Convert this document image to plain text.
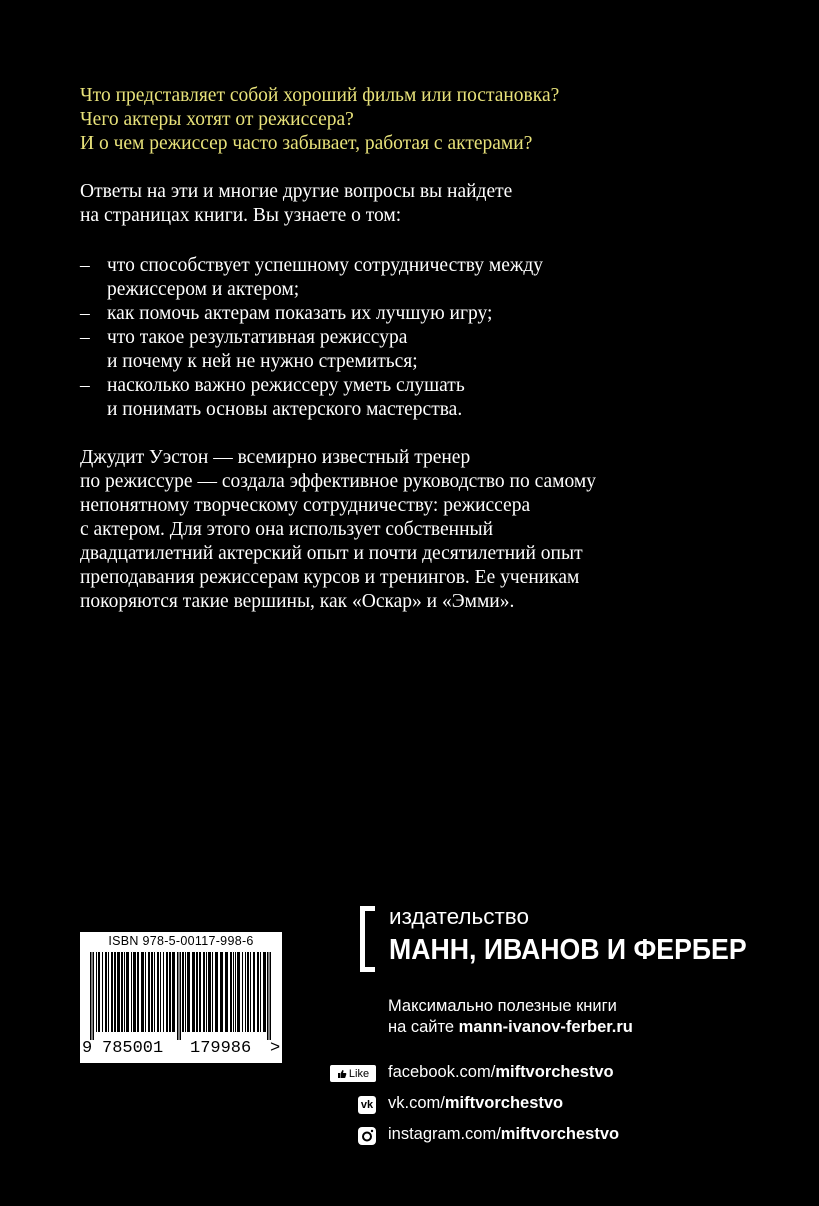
Что представляет собой хороший фильм или постановка?
Чего актеры хотят от режиссера?
И о чем режиссер часто забывает, работая с актерами?
Ответы на эти и многие другие вопросы вы найдете
на страницах книги. Вы узнаете о том:
– что способствует успешному сотрудничеству между
режиссером и актером;
– как помочь актерам показать их лучшую игру;
– что такое результативная режиссура
и почему к ней не нужно стремиться;
– насколько важно режиссеру уметь слушать
и понимать основы актерского мастерства.
Джудит Уэстон — всемирно известный тренер
по режиссуре — создала эффективное руководство по самому
непонятному творческому сотрудничеству: режиссера
с актером. Для этого она использует собственный
двадцатилетний актерский опыт и почти десятилетний опыт
преподавания режиссерам курсов и тренингов. Ее ученикам
покоряются такие вершины, как «Оскар» и «Эмми».
ISBN 978-5-00117-998-6
9 785001 179986 >
издательство
МАНН, ИВАНОВ И ФЕРБЕР
Максимально полезные книги
на сайте mann-ivanov-ferber.ru
Like facebook.com/miftvorchestvo
vk vk.com/miftvorchestvo
instagram.com/miftvorchestvo
